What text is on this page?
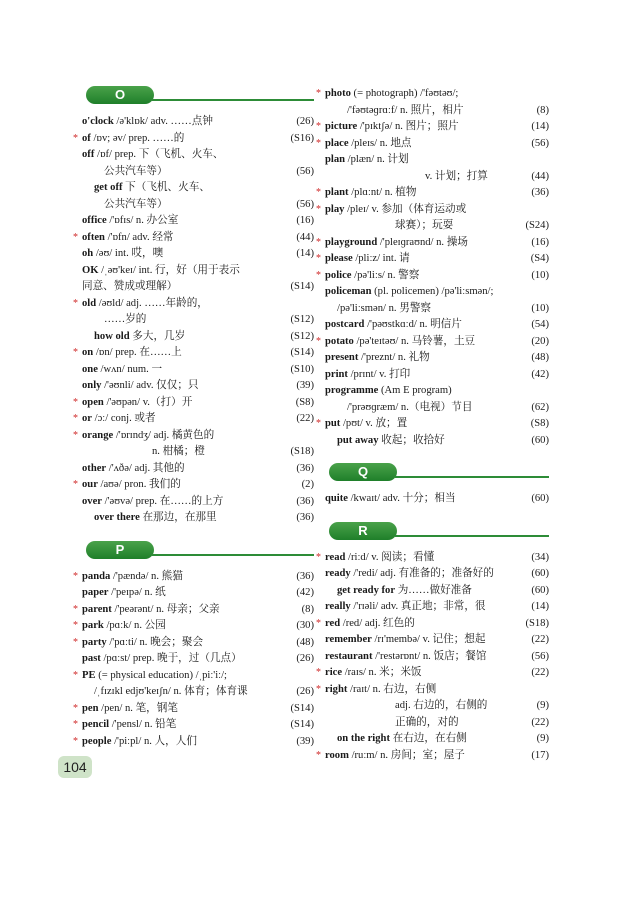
O
o'clock /ə'klɒk/ adv. ……点钟	(26)
* of /ɒv; əv/ prep. ……的	(S16)
off /ɒf/ prep. 下（飞机、火车、
公共汽车等）	(56)
get off 下（飞机、火车、
公共汽车等）	(56)
office /'ɒfɪs/ n. 办公室	(16)
* often /'ɒfn/ adv. 经常	(44)
oh /əʊ/ int. 哎，噢	(14)
OK /ˌəʊ'keɪ/ int. 行，好（用于表示
同意、赞成或理解）	(S14)
* old /əʊld/ adj. ……年龄的，
……岁的	(S12)
how old 多大，几岁	(S12)
* on /ɒn/ prep. 在……上	(S14)
one /wʌn/ num. 一	(S10)
only /'əʊnli/ adv. 仅仅；只	(39)
* open /'əʊpən/ v.（打）开	(S8)
* or /ɔː/ conj. 或者	(22)
* orange /'ɒrɪndʒ/ adj. 橘黄色的
n. 柑橘；橙	(S18)
other /'ʌðə/ adj. 其他的	(36)
* our /aʊə/ pron. 我们的	(2)
over /'əʊvə/ prep. 在……的上方	(36)
over there 在那边，在那里	(36)
P
* panda /'pændə/ n. 熊猫	(36)
paper /'peɪpə/ n. 纸	(42)
* parent /'peərənt/ n. 母亲；父亲	(8)
* park /pɑːk/ n. 公园	(30)
* party /'pɑːti/ n. 晚会；聚会	(48)
past /pɑːst/ prep. 晚于，过（几点）	(26)
* PE (= physical education) /ˌpiː'iː/;
/ˌfɪzɪkl edjʊ'keɪʃn/ n. 体育；体育课	(26)
* pen /pen/ n. 笔，钢笔	(S14)
* pencil /'pensl/ n. 铅笔	(S14)
* people /'piːpl/ n. 人，人们	(39)
* photo (= photograph) /'fəʊtəʊ/;
/'fəʊtəɡrɑːf/ n. 照片，相片	(8)
* picture /'pɪktʃə/ n. 图片；照片	(14)
* place /pleɪs/ n. 地点	(56)
plan /plæn/ n. 计划
v. 计划；打算	(44)
* plant /plɑːnt/ n. 植物	(36)
* play /pleɪ/ v. 参加（体育运动或
球赛）；玩耍	(S24)
* playground /'pleɪɡraʊnd/ n. 操场	(16)
* please /pliːz/ int. 请	(S4)
* police /pə'liːs/ n. 警察	(10)
policeman (pl. policemen) /pə'liːsmən/;
/pə'liːsmən/ n. 男警察	(10)
postcard /'pəʊstkɑːd/ n. 明信片	(54)
* potato /pə'teɪtəʊ/ n. 马铃薯，土豆	(20)
present /'preznt/ n. 礼物	(48)
print /prɪnt/ v. 打印	(42)
programme (Am E program)
/'prəʊɡræm/ n.（电视）节目	(62)
* put /pʊt/ v. 放；置	(S8)
put away 收起；收拾好	(60)
Q
quite /kwaɪt/ adv. 十分；相当	(60)
R
* read /riːd/ v. 阅读；看懂	(34)
ready /'redi/ adj. 有准备的；准备好的	(60)
get ready for 为……做好准备	(60)
really /'rɪəli/ adv. 真正地；非常，很	(14)
* red /red/ adj. 红色的	(S18)
remember /rɪ'membə/ v. 记住；想起	(22)
restaurant /'restərɒnt/ n. 饭店；餐馆	(56)
* rice /raɪs/ n. 米；米饭	(22)
* right /raɪt/ n. 右边，右侧
adj. 右边的，右侧的	(9)
正确的，对的	(22)
on the right 在右边，在右侧	(9)
* room /ruːm/ n. 房间；室；屋子	(17)
104
